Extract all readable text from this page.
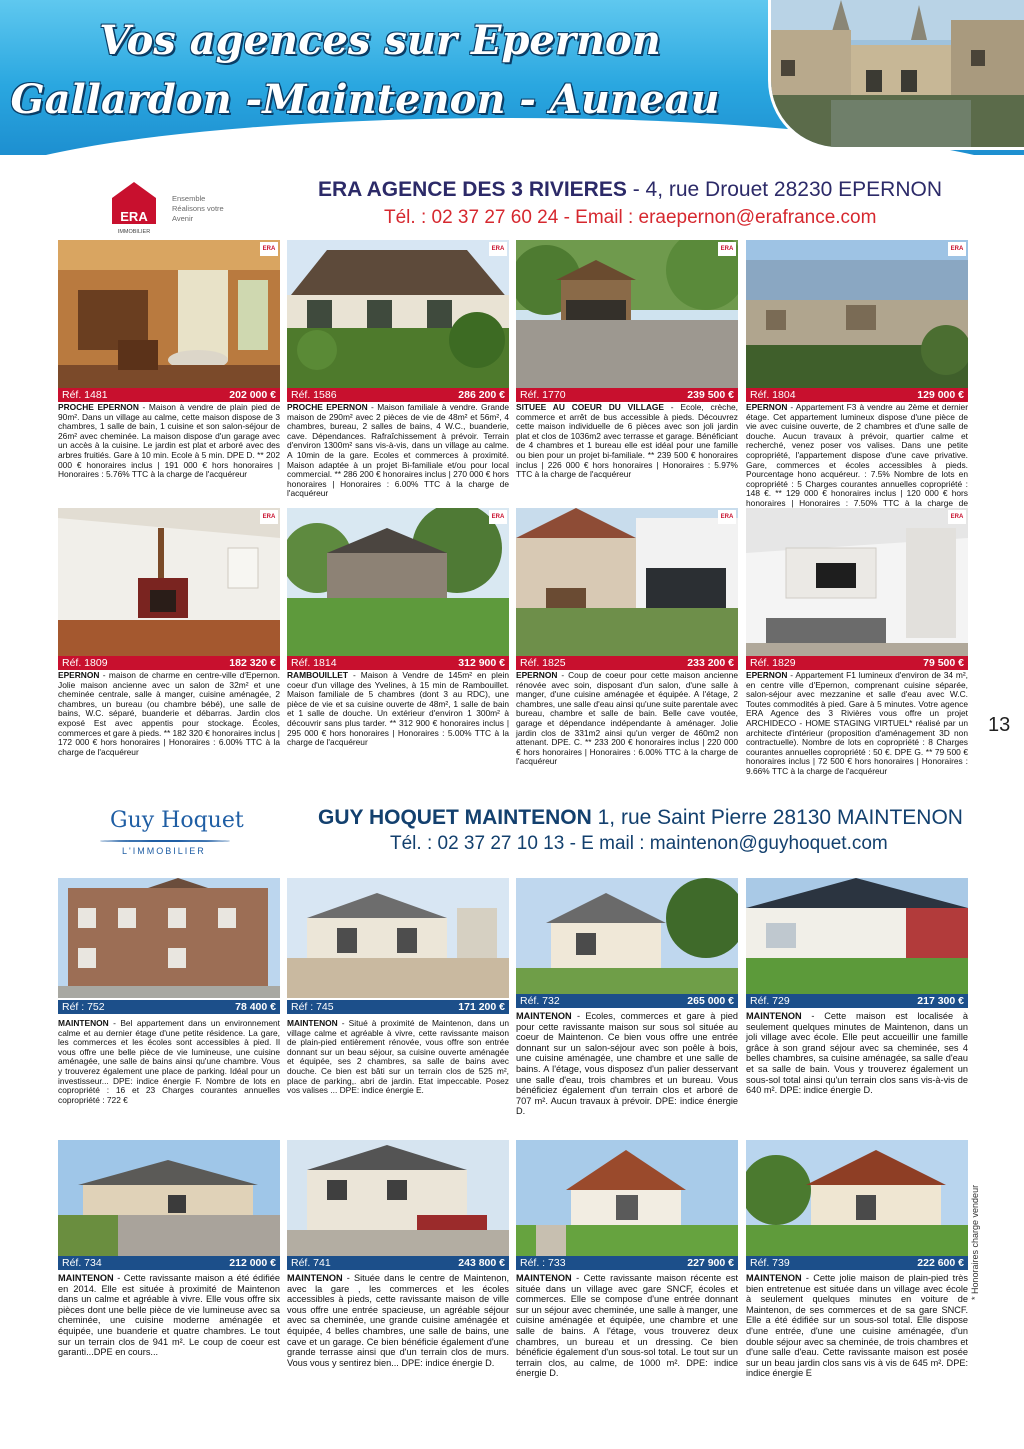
Vos agences sur Epernon
Gallardon -Maintenon - Auneau
ERA
IMMOBILIER
Ensemble
Réalisons votre
Avenir
ERA AGENCE DES 3 RIVIERES - 4, rue Drouet 28230 EPERNON
Tél. : 02 37 27 60 24 - Email : eraepernon@erafrance.com
ERA
Réf. 1481	202 000 €

PROCHE EPERNON - Maison à vendre de plain pied de 90m². Dans un village au calme, cette maison dispose de 3 chambres, 1 salle de bain, 1 cuisine et son salon-séjour de 26m² avec cheminée. La maison dispose d'un garage avec un accès à la cuisine. Le jardin est plat et arboré avec des arbres fruitiés. Gare à 10 min. Ecole à 5 min. DPE D. ** 202 000 € honoraires inclus | 191 000 € hors honoraires | Honoraires : 5.76% TTC à la charge de l'acquéreur

ERA
Réf. 1586	286 200 €

PROCHE EPERNON - Maison familiale à vendre. Grande maison de 290m² avec 2 pièces de vie de 48m² et 56m², 4 chambres, bureau, 2 salles de bains, 4 W.C., buanderie, cave. Dépendances. Rafraîchissement à prévoir. Terrain d'environ 1300m² sans vis-à-vis, dans un village au calme. A 10min de la gare. Ecoles et commerces à proximité. Maison adaptée à un projet Bi-familiale et/ou pour local commercial. ** 286 200 € honoraires inclus | 270 000 € hors honoraires | Honoraires : 6.00% TTC à la charge de l'acquéreur

ERA
Réf. 1770	239 500 €

SITUEE AU COEUR DU VILLAGE - Ecole, crèche, commerce et arrêt de bus accessible à pieds. Découvrez cette maison individuelle de 6 pièces avec son joli jardin plat et clos de 1036m2 avec terrasse et garage. Bénéficiant de 4 chambres et 1 bureau elle est idéal pour une famille ou bien pour un projet bi-familiale. ** 239 500 € honoraires inclus | 226 000 € hors honoraires | Honoraires : 5.97% TTC à la charge de l'acquéreur

ERA
Réf. 1804	129 000 €

EPERNON - Appartement F3 à vendre au 2ème et dernier étage. Cet appartement lumineux dispose d'une pièce de vie avec cuisine ouverte, de 2 chambres et d'une salle de douche. Aucun travaux à prévoir, quartier calme et recherché, venez poser vos valises. Dans une petite copropriété, l'appartement dispose d'une cave privative. Gare, commerces et écoles accessibles à pieds. Pourcentage hono acquéreur. : 7.5% Nombre de lots en copropriété : 5 Charges courantes annuelles copropriété : 148 €. ** 129 000 € honoraires inclus | 120 000 € hors honoraires | Honoraires : 7.50% TTC à la charge de

ERA
Réf. 1809	182 320 €

EPERNON - maison de charme en centre-ville d'Epernon. Jolie maison ancienne avec un salon de 32m² et une cheminée centrale, salle à manger, cuisine aménagée, 2 chambres, un bureau (ou chambre bébé), une salle de bains, W.C. séparé, buanderie et débarras. Jardin clos exposé Est avec appentis pour stockage. Écoles, commerces et gare à pieds. ** 182 320 € honoraires inclus | 172 000 € hors honoraires | Honoraires : 6.00% TTC à la charge de l'acquéreur

ERA
Réf. 1814	312 900 €

RAMBOUILLET - Maison à Vendre de 145m² en plein coeur d'un village des Yvelines, à 15 min de Rambouillet. Maison familiale de 5 chambres (dont 3 au RDC), une pièce de vie et sa cuisine ouverte de 48m², 1 salle de bain et 1 salle de douche. Un extérieur d'environ 1 300m² à découvrir sans plus tarder. ** 312 900 € honoraires inclus | 295 000 € hors honoraires | Honoraires : 5.00% TTC à la charge de l'acquéreur

ERA
Réf. 1825	233 200 €

EPERNON - Coup de coeur pour cette maison ancienne rénovée avec soin, disposant d'un salon, d'une salle à manger, d'une cuisine aménagée et équipée. A l'étage, 2 chambres, une salle d'eau ainsi qu'une suite parentale avec bureau, chambre et salle de bain. Belle cave voutée, garage et dépendance indépendante à aménager. Jolie jardin clos de 331m2 ainsi qu'un verger de 460m2 non attenant. DPE. C. ** 233 200 € honoraires inclus | 220 000 € hors honoraires | Honoraires : 6.00% TTC à la charge de l'acquéreur

ERA
Réf. 1829	79 500 €

EPERNON - Appartement F1 lumineux d'environ de 34 m², en centre ville d'Epernon, comprenant cuisine séparée, salon-séjour avec mezzanine et salle d'eau avec W.C. Toutes commodités à pied. Gare à 5 minutes. Votre agence ERA Agence des 3 Rivières vous offre un projet ARCHIDECO - HOME STAGING VIRTUEL* réalisé par un architecte d'intérieur (proposition d'aménagement 3D non contractuelle). Nombre de lots en copropriété : 8 Charges courantes annuelles copropriété : 50 €. DPE G. ** 79 500 € honoraires inclus | 72 500 € hors honoraires | Honoraires : 9.66% TTC à la charge de l'acquéreur

13
Guy Hoquet
L'IMMOBILIER
GUY HOQUET MAINTENON 1, rue Saint Pierre 28130 MAINTENON
Tél. : 02 37 27 10 13 - E mail : maintenon@guyhoquet.com
Réf : 752	78 400 €

MAINTENON - Bel appartement dans un environnement calme et au dernier étage d'une petite résidence. La gare, les commerces et les écoles sont accessibles à pied. Il vous offre une belle pièce de vie lumineuse, une cuisine aménagée, une salle de bains ainsi qu'une chambre. Vous y trouverez également une place de parking. Idéal pour un investisseur... DPE: indice énergie F. Nombre de lots en copropriété : 16 et 23 Charges courantes annuelles copropriété : 722 €

Réf : 745	171 200 €

MAINTENON - Situé à proximité de Maintenon, dans un village calme et agréable à vivre, cette ravissante maison de plain-pied entièrement rénovée, vous offre son entrée donnant sur un beau séjour, sa cuisine ouverte aménagée et équipée, ses 2 chambres, sa salle de bains avec douche. Ce bien est bâti sur un terrain clos de 525 m², place de parking,. abri de jardin. Etat impeccable. Posez vos valises ... DPE: indice énergie E.

Réf. 732	265 000 €

MAINTENON - Ecoles, commerces et gare à pied pour cette ravissante maison sur sous sol située au coeur de Maintenon. Ce bien vous offre une entrée donnant sur un salon-séjour avec son poêle à bois, une cuisine aménagée, une chambre et une salle de bains. A l'étage, vous disposez d'un palier desservant une salle d'eau, trois chambres et un bureau. Vous bénéficiez également d'un terrain clos et arboré de 707 m². Aucun travaux à prévoir. DPE: indice énergie D.

Réf. 729	217 300 €

MAINTENON - Cette maison est localisée à seulement quelques minutes de Maintenon, dans un joli village avec école. Elle peut accueillir une famille grâce à son grand séjour avec sa cheminée, ses 4 belles chambres, sa cuisine aménagée, sa salle d'eau et sa salle de bain. Vous y trouverez également un sous-sol total ainsi qu'un terrain clos sans vis-à-vis de 640 m². DPE: indice énergie D.

Réf. 734	212 000 €

MAINTENON - Cette ravissante maison a été édifiée en 2014. Elle est située à proximité de Maintenon dans un calme et agréable à vivre. Elle vous offre six pièces dont une belle pièce de vie lumineuse avec sa cheminée, une cuisine moderne aménagée et équipée, une buanderie et quatre chambres. Le tout sur un terrain clos de 941 m². Le coup de coeur est garanti...DPE en cours...

Réf. 741	243 800 €

MAINTENON - Située dans le centre de Maintenon, avec la gare , les commerces et les écoles accessibles à pieds, cette ravissante maison de ville vous offre une entrée spacieuse, un agréable séjour avec sa cheminée, une grande cuisine aménagée et équipée, 4 belles chambres, une salle de bains, une cave et un garage. Ce bien bénéficie également d'une grande terrasse ainsi que d'un terrain clos de murs. Vous vous y sentirez bien... DPE: indice énergie D.

Réf. : 733	227 900 €

MAINTENON - Cette ravissante maison récente est située dans un village avec gare SNCF, écoles et commerces. Elle se compose d'une entrée donnant sur un séjour avec cheminée, une salle à manger, une cuisine aménagée et équipée, une chambre et une salle de bains. A l'étage, vous trouverez deux chambres, un bureau et un dressing. Ce bien bénéficie également d'un sous-sol total. Le tout sur un terrain clos, au calme, de 1000 m². DPE: indice énergie D.

Réf. 739	222 600 €

MAINTENON - Cette jolie maison de plain-pied très bien entretenue est située dans un village avec école à seulement quelques minutes en voiture de Maintenon, de ses commerces et de sa gare SNCF. Elle a été édifiée sur un sous-sol total. Elle dispose d'une entrée, d'une une cuisine aménagée, d'un double séjour avec sa cheminée, de trois chambres et d'une salle d'eau. Cette ravissante maison est posée sur un beau jardin clos sans vis à vis de 645 m². DPE: indice énergie E

* Honoraires charge vendeur
